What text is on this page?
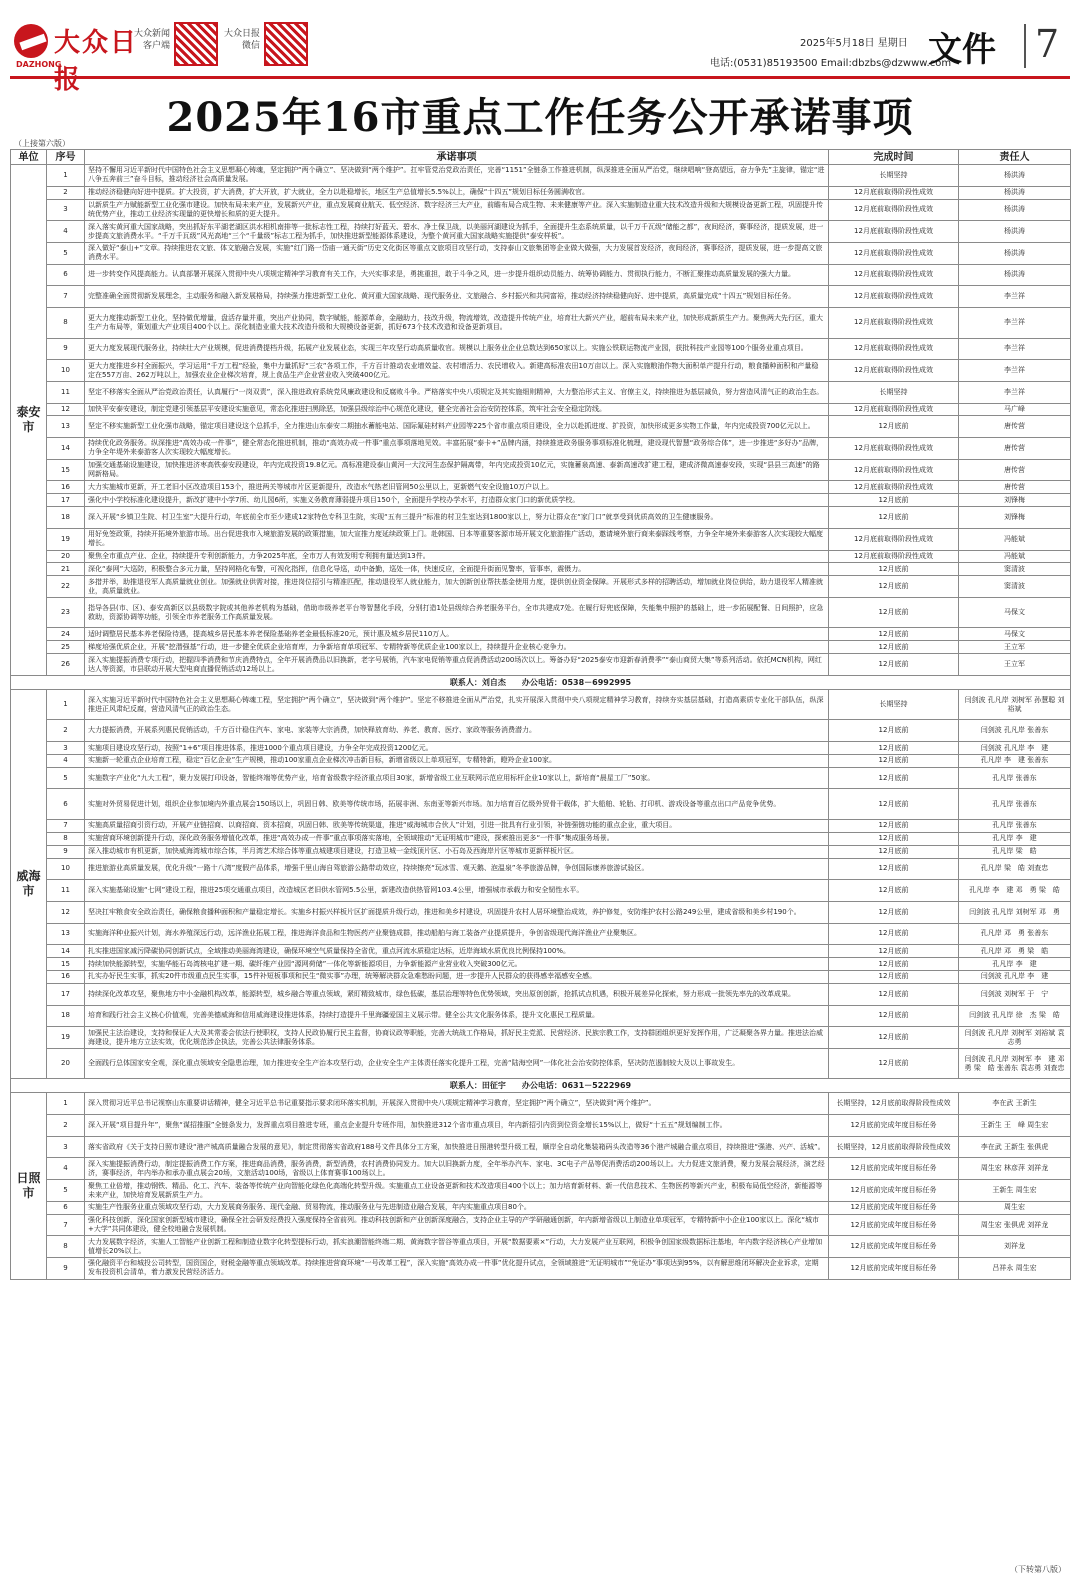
大众日报
DAZHONG
大众新闻客户端
大众日报微信	2025年5月18日 星期日
电话:(0531)85193500 Email:dbzbs@dzwww.com
文件 7
2025年16市重点工作任务公开承诺事项
（上接第六版）
单位	序号	承诺事项	完成时间	责任人
泰安市	1	坚持不懈用习近平新时代中国特色社会主义思想凝心铸魂，坚定拥护“两个确立”、坚决做到“两个维护”。扛牢管党治党政治责任，完善“1151”全链条工作推进机制，纵深推进全面从严治党，继续唱响“登高望远，奋力争先”主旋律，锚定“进八争五奔前三”奋斗目标，推动经济社会高质量发展。	长期坚持	杨洪涛
	2	推动经济稳健向好进中提质。扩大投资，扩大消费，扩大开放，扩大就业，全力以赴稳增长，地区生产总值增长5.5%以上，确保“十四五”规划目标任务圆满收官。	12月底前取得阶段性成效	杨洪涛
	3	以新质生产力赋能新型工业化强市建设。加快布局未来产业，发展新兴产业，重点发展商业航天、低空经济、数字经济三大产业，前瞻布局合成生物、未来健康等产业。深入实施制造业重大技术改造升级和大规模设备更新工程，巩固提升传统优势产业，推动工业经济实现量的更快增长和质的更大提升。	12月底前取得阶段性成效	杨洪涛
	4	深入落实黄河重大国家战略，突出抓好东平湖老湖区洪水相机南排等一批标志性工程，持续打好蓝天、碧水、净土保卫战，以美丽河湖建设为抓手，全面提升生态系统质量，以千万千瓦级“储能之都”，夜间经济，赛事经济，提质发展，进一步提高文旅消费水平。“千万千瓦级”风光高地“三个“千量级”标志工程为抓手，加快推进新型能源体系建设，为整个黄河重大国家战略实施提供“泰安样板”。	12月底前取得阶段性成效	杨洪涛
	5	深入做好“泰山+”文章。持续推进农文旅、体文旅融合发展，实施“红门路一岱庙一通天街”历史文化街区等重点文旅项目攻坚行动，支持泰山文旅集团等企业做大做强，大力发展首发经济，夜间经济，赛事经济，提质发展，进一步提高文旅消费水平。	12月底前取得阶段性成效	杨洪涛
	6	进一步转变作风提高能力。认真部署开展深入贯彻中央八项规定精神学习教育有关工作，大兴实事求是，勇挑重担，敢于斗争之风，进一步提升组织动员能力、统筹协调能力、贯彻执行能力，不断汇聚推动高质量发展的强大力量。	12月底前取得阶段性成效	杨洪涛
	7	完整准确全面贯彻新发展理念，主动服务和融入新发展格局，持续强力推进新型工业化、黄河重大国家战略、现代服务业、文旅融合、乡村振兴和共同富裕，推动经济持续稳健向好、进中提质，高质量完成“十四五”规划目标任务。	12月底前取得阶段性成效	李兰祥
	8	更大力度推动新型工业化，坚持做优增量，盘活存量并重，突出产业协同，数字赋能，能源革命，金融助力，技改升级，物流增效，改造提升传统产业，培育壮大新兴产业，超前布局未来产业，加快形成新质生产力。聚焦两大先行区，重大生产力布局等，策划重大产业项目400个以上。深化制造业重大技术改造升级和大规模设备更新，抓好673个技术改造和设备更新项目。	12月底前取得阶段性成效	李兰祥
	9	更大力度发展现代服务业，持续壮大产业规模，促进消费提档升级，拓展产业发展业态，实现三年攻坚行动高质量收官。规模以上服务业企业总数达到650家以上。实施公铁联运物流产业园，获批科技产业园等100个服务业重点项目。	12月底前取得阶段性成效	李兰祥
	10	更大力度推进乡村全面振兴，学习运用“千万工程”经验，集中力量抓好“三农”各项工作，千方百计推动农业增效益、农村增活力、农民增收入。新建高标准农田10万亩以上。深入实施粮油作物大面积单产提升行动，粮食播种面积和产量稳定在557万亩、262万吨以上，加强农业企业梯次培育，规上食品生产企业营业收入突破400亿元。	12月底前取得阶段性成效	李兰祥
	11	坚定不移落实全面从严治党政治责任，认真履行“一岗双责”，深入推进政府系统党风廉政建设和反腐败斗争。严格落实中央八项规定及其实施细则精神，大力整治形式主义、官僚主义，持续推进为基层减负，努力营造风清气正的政治生态。	长期坚持	李兰祥
	12	加快平安泰安建设，制定党建引领基层平安建设实施意见，常态化推进扫黑除恶，加强县级综治中心规范化建设，健全完善社会治安防控体系，筑牢社会安全稳定防线。	12月底前取得阶段性成效	马广峰
	13	坚定不移实施新型工业化强市战略，锚定项目建设这个总抓手，全力推进山东泰安二期抽水蓄能电站、国际氟硅材料产业园等225个省市重点项目建设，全力以赴抓进度、扩投资，加快形成更多实物工作量，年内完成投资700亿元以上。	12月底前	唐传营
	14	持续优化政务服务。纵深推进“高效办成一件事”，健全常态化推进机制，推动“高效办成一件事”重点事项落地见效。丰富拓展“泰卡+”品牌内涵，持续推进政务服务事项标准化梳理，建设现代智慧“政务综合体”，进一步推进“多好办”品牌，力争全年堤外来泰游客人次实现较大幅度增长。	12月底前取得阶段性成效	唐传营
	15	加强交通基础设施建设，加快推进济枣高铁泰安段建设，年内完成投资19.8亿元。高标准建设泰山黄河一大汶河生态保护隔离带，年内完成投资10亿元，实施蓄泉高速、泰新高速改扩建工程，建成济微高速泰安段，实现“县县三高速”的路网新格局。	12月底前取得阶段性成效	唐传营
	16	大力实施城市更新，开工老旧小区改造项目153个，推进两关等城市片区更新提升，改造水气热老旧管网50公里以上，更新燃气安全设施10万户以上。	12月底前取得阶段性成效	唐传营
	17	强化中小学校标准化建设提升，新改扩建中小学7所、幼儿园6所，实施义务教育薄弱提升项目150个，全面提升学校办学水平，打造群众家门口的新优质学校。	12月底前	刘锋梅
	18	深入开展“乡镇卫生院、村卫生室”大提升行动，年底前全市至少建成12家特色专科卫生院，实现“五有三提升”标准的村卫生室达到1800家以上，努力让群众在“家门口”就享受到优质高效的卫生健康服务。	12月底前	刘锋梅
	19	用好免签政策，持续开拓境外旅游市场。出台促进我市入境旅游发展的政策措施，加大宣推力度延续政策上门。赴韩国、日本等重要客源市场开展文化旅游推广活动，邀请境外旅行商来泰踩线考察，力争全年境外来泰游客人次实现较大幅度增长。	12月底前取得阶段性成效	冯能斌
	20	聚焦全市重点产业、企业，持续提升专利创新能力，力争2025年底，全市万人有效发明专利拥有量达到13件。	12月底前取得阶段性成效	冯能斌
	21	深化“泰网”大巡防，积极整合多元力量，坚持网格化布警，可视化指挥，信息化导巡，动中备勤，巡处一体，快速反应，全面提升街面见警率，管事率，震慑力。	12月底前	窦清波
	22	多措并举，助推退役军人高质量就业创业。加强就业供需对接，推进岗位招引与精准匹配，推动退役军人就业能力，加大创新创业帮扶基金使用力度，提供创业资金保障。开展形式多样的招聘活动，增加就业岗位供给，助力退役军人精准就业，高质量就业。	12月底前	窦清波
	23	指导各县(市、区)、泰安高新区以县级数字院或其他养老机构为基础，借助市级养老平台等智慧化手段，分别打造1处县级综合养老服务平台，全市共建成7处。在履行好兜底保障，失能集中照护的基础上，进一步拓展配餐、日间照护，应急救助，资源协调等功能，引领全市养老服务工作高质量发展。	12月底前	马保文
	24	适时调整居民基本养老保险待遇，提高城乡居民基本养老保险基础养老金最低标准20元，预计惠及城乡居民110万人。	12月底前	马保文
	25	梯度培强优质企业，开展“挖潜强基”行动，进一步健全优质企业培育库，力争新培育单项冠军、专精特新等优质企业100家以上，持续提升企业核心竞争力。	12月底前	王立军
	26	深入实施提振消费专项行动，把握四季消费和节庆消费特点，全年开展消费品以旧换新，老字号展销，汽车家电促销等重点促消费活动200场次以上。筹备办好“2025泰安市迎新春消费季”“泰山商贸大集”等系列活动。依托MCN机构，网红达人等资源，市县联动开展大型电商直播促销活动12场以上。	12月底前	王立军
联系人：刘自杰　　办公电话：0538－6992995				
威海市	1	深入实施习近平新时代中国特色社会主义思想凝心铸魂工程，坚定拥护“两个确立”，坚决做到“两个维护”。坚定不移推进全面从严治党，扎实开展深入贯彻中央八项规定精神学习教育，持续夯实基层基础，打造高素质专业化干部队伍，纵深推进正风肃纪反腐，营造风清气正的政治生态。	长期坚持	闫剑波 孔凡岸 刘树军 孙慧聪 刘裕斌
	2	大力提振消费，开展系列惠民促销活动，千方百计稳住汽车、家电、家装等大宗消费，加快释放育幼、养老、教育、医疗、家政等服务消费潜力。	12月底前	闫剑波 孔凡岸 张善东
	3	实施项目建设攻坚行动，按照“1+6”项目推进体系，推进1000个重点项目建设，力争全年完成投资1200亿元。	12月底前	闫剑波 孔凡岸 李　建
	4	实施新一轮重点企业培育工程，稳定“百亿企业”生产规模，推动100家重点企业梯次冲击新目标，新增省级以上单项冠军，专精特新，瞪羚企业100家。	12月底前	孔凡岸 李　建 张善东
	5	实施数字产业化“九大工程”，聚力发展打印设备，智能终端等优势产业，培育省级数字经济重点项目30家，新增省级工业互联网示范应用标杆企业10家以上，新培育“晨星工厂”50家。	12月底前	孔凡岸 张善东
	6	实施对外贸易促进计划，组织企业参加境内外重点展会150场以上，巩固日韩、欧美等传统市场，拓展非洲、东南亚等新兴市场。加力培育百亿级外贸骨干载体，扩大船舶、轮胎、打印机、游戏设备等重点出口产品竞争优势。	12月底前	孔凡岸 张善东
	7	实施高质量招商引资行动，开展产业链招商、以商招商、资本招商，巩固日韩、欧美等传统渠道，推进“威海城市合伙人”计划，引进一批具有行业引领，补链强链功能的重点企业，重大项目。	12月底前	孔凡岸 张善东
	8	实施营商环境创新提升行动，深化政务服务增值化改革，推进“高效办成一件事”重点事项落实落地，全领域推动“无证明城市”建设，探索推出更多“一件事”集成服务场景。	12月底前	孔凡岸 李　建
	9	深入推动城市有机更新，加快威海湾城市综合体，半月湾艺术综合体等重点城建项目建设，打造卫城一金线顶片区、小石岛及西海岸片区等城市更新样板片区。	12月底前	孔凡岸 梁　皓
	10	推进旅游业高质量发展，优化升级“一路十八湾”度假产品体系，增强千里山海自驾旅游公路带动效应，持续擦亮“玩冰雪、观天鹅、泡温泉”冬季旅游品牌，争创国际康养旅游试验区。	12月底前	孔凡岸 梁　皓 刘查忠
	11	深入实施基础设施“七网”建设工程，推进25项交通重点项目，改造城区老旧供水管网5.5公里，新建改造供热管网103.4公里，增强城市承载力和安全韧性水平。	12月底前	孔凡岸 李　建 邓　勇 梁　皓
	12	坚决扛牢粮食安全政治责任，确保粮食播种面积和产量稳定增长。实施乡村振兴样板片区扩面提质升级行动，推进和美乡村建设，巩固提升农村人居环境整治成效，养护修复，安防维护农村公路249公里，建成省级和美乡村190个。	12月底前	闫剑波 孔凡岸 刘树军 邓　勇
	13	实施海洋种业振兴计划，海水养殖深远行动，远洋渔业拓展工程，推进海洋食品和生物医药产业聚链成群，推动船舶与海工装备产业提质提升，争创省级现代海洋渔业产业聚集区。	12月底前	孔凡岸 邓　勇 张善东
	14	扎实推进国家减污降碳协同创新试点，全域推动美丽海湾建设，确保环境空气质量保持全省优，重点河流水质稳定达标，近岸海域水质优良比例保持100%。	12月底前	孔凡岸 邓　勇 梁　皓
	15	持续加快能源转型，实施华能石岛湾核电扩建一期、碳纤维产业园“源网荷储”一体化等新能源项目，力争新能源产业营业收入突破300亿元。	12月底前	孔凡岸 李　建
	16	扎实办好民生实事，抓实20件市级重点民生实事，15件补短板事项和民生“微实事”办理，统筹解决群众急难愁盼问题，进一步提升人民群众的获得感幸福感安全感。	12月底前	闫剑波 孔凡岸 李　建
	17	持续深化改革攻坚，聚焦地方中小金融机构改革，能源转型，城乡融合等重点领域，紧盯精致城市，绿色低碳，基层治理等特色优势领域，突出原创创新，抢抓试点机遇，积极开展差异化探索，努力形成一批领先率先的改革成果。	12月底前	闫剑波 刘树军 于　宁
	18	培育和践行社会主义核心价值观，完善美德威海和信用威海建设推进体系，持续打造提升千里海疆爱国主义展示带。健全公共文化服务体系，提升文化惠民工程质量。	12月底前	闫剑波 孔凡岸 徐　杰 梁　皓
	19	加强民主法治建设，支持和保证人大及其常委会依法行使职权，支持人民政协履行民主监督，协商议政等职能，完善大统战工作格局，抓好民主党派、民营经济、民族宗教工作，支持群团组织更好发挥作用，广泛凝聚各界力量。推进法治威海建设，提升地方立法实效，优化规范涉企执法，完善公共法律服务体系。	12月底前	闫剑波 孔凡岸 刘树军 刘裕斌 袁志勇
	20	全面践行总体国家安全观，深化重点领域安全隐患治理，加力推进安全生产治本攻坚行动，企业安全生产主体责任落实化提升工程，完善“陆海空网”一体化社会治安防控体系，坚决防范遏制较大及以上事故发生。	12月底前	闫剑波 孔凡岸 刘树军 李　建 邓　勇 梁　皓 张善东 袁志勇 刘查忠
联系人：田征宇　　办公电话：0631－5222969				
日照市	1	深入贯彻习近平总书记视察山东重要讲话精神，健全习近平总书记重要指示要求闭环落实机制，开展深入贯彻中央八项规定精神学习教育，坚定拥护“两个确立”，坚决做到“两个维护”。	长期坚持，12月底前取得阶段性成效	李在武 王新生
	2	深入开展“项目提升年”，聚焦“谋招推服”全链条发力，发挥重点项目推进专班，重点企业提升专班作用，加快推进312个省市重点项目，年内新招引内资到位资金增长15%以上，做好“十五五”规划编制工作。	12月底前完成年度目标任务	王新生 王　峰 周生宏
	3	落实省政府《关于支持日照市建设“港产城高质量融合发展的意见》，制定贯彻落实省政府188号文件具体分工方案，加快推进日照港转型升级工程，顺岸全自动化集装箱码头改造等36个港产城融合重点项目，持续推进“强港、兴产、活城”。	长期坚持，12月底前取得阶段性成效	李在武 王新生 张俱虎
	4	深入实施提振消费行动，制定提振消费工作方案，推进商品消费，服务消费，新型消费，农村消费协同发力。加大以旧换新力度，全年举办汽车、家电、3C电子产品等促消费活动200场以上。大力促进文旅消费，聚力发展会展经济，演艺经济，赛事经济，年内举办和承办重点展会20场，文旅活动100场，省级以上体育赛事100场以上。	12月底前完成年度目标任务	周生宏 林彦萍 刘祥龙
	5	聚焦工业倍增，推动钢铁、精品、化工、汽车、装备等传统产业向智能化绿色化高端化转型升级。实施重点工业设备更新和技术改造项目400个以上；加力培育新材料、新一代信息技术、生物医药等新兴产业，积极布局低空经济，新能源等未来产业，加快培育发展新质生产力。	12月底前完成年度目标任务	王新生 周生宏
	6	实施生产性服务业重点领域攻坚行动，大力发展商务服务、现代金融、贸易物流，推动服务业与先进制造业融合发展，年内实施重点项目80个。	12月底前完成年度目标任务	周生宏
	7	强化科技创新，深化国家创新型城市建设，确保全社会研发经费投入强度保持全省前列。推动科技创新和产业创新深度融合，支持企业主导的产学研融通创新，年内新增省级以上制造业单项冠军，专精特新中小企业100家以上。深化“城市+大学”共同体建设，健全校地融合发展机制。	12月底前完成年度目标任务	周生宏 张俱虎 刘祥龙
	8	大力发展数字经济，实施人工智能产业创新工程和制造业数字化转型提标行动，抓实浪潮智能终端二期、黄海数字智谷等重点项目，开展“数据要素×”行动，大力发展产业互联网，积极争创国家级数据标注基地，年内数字经济核心产业增加值增长20%以上。	12月底前完成年度目标任务	刘祥龙
	9	强化融资平台和城投公司转型，国资国企，财税金融等重点领域改革。持续推进营商环境“一号改革工程”，深入实施“高效办成一件事”优化提升试点，全领域推进“无证明城市”“免证办”事项达到95%，以有解思维闭环解决企业诉求，定期发布投资机会清单，着力激发民营经济活力。	12月底前完成年度目标任务	吕祥永 周生宏
（下转第八版）
